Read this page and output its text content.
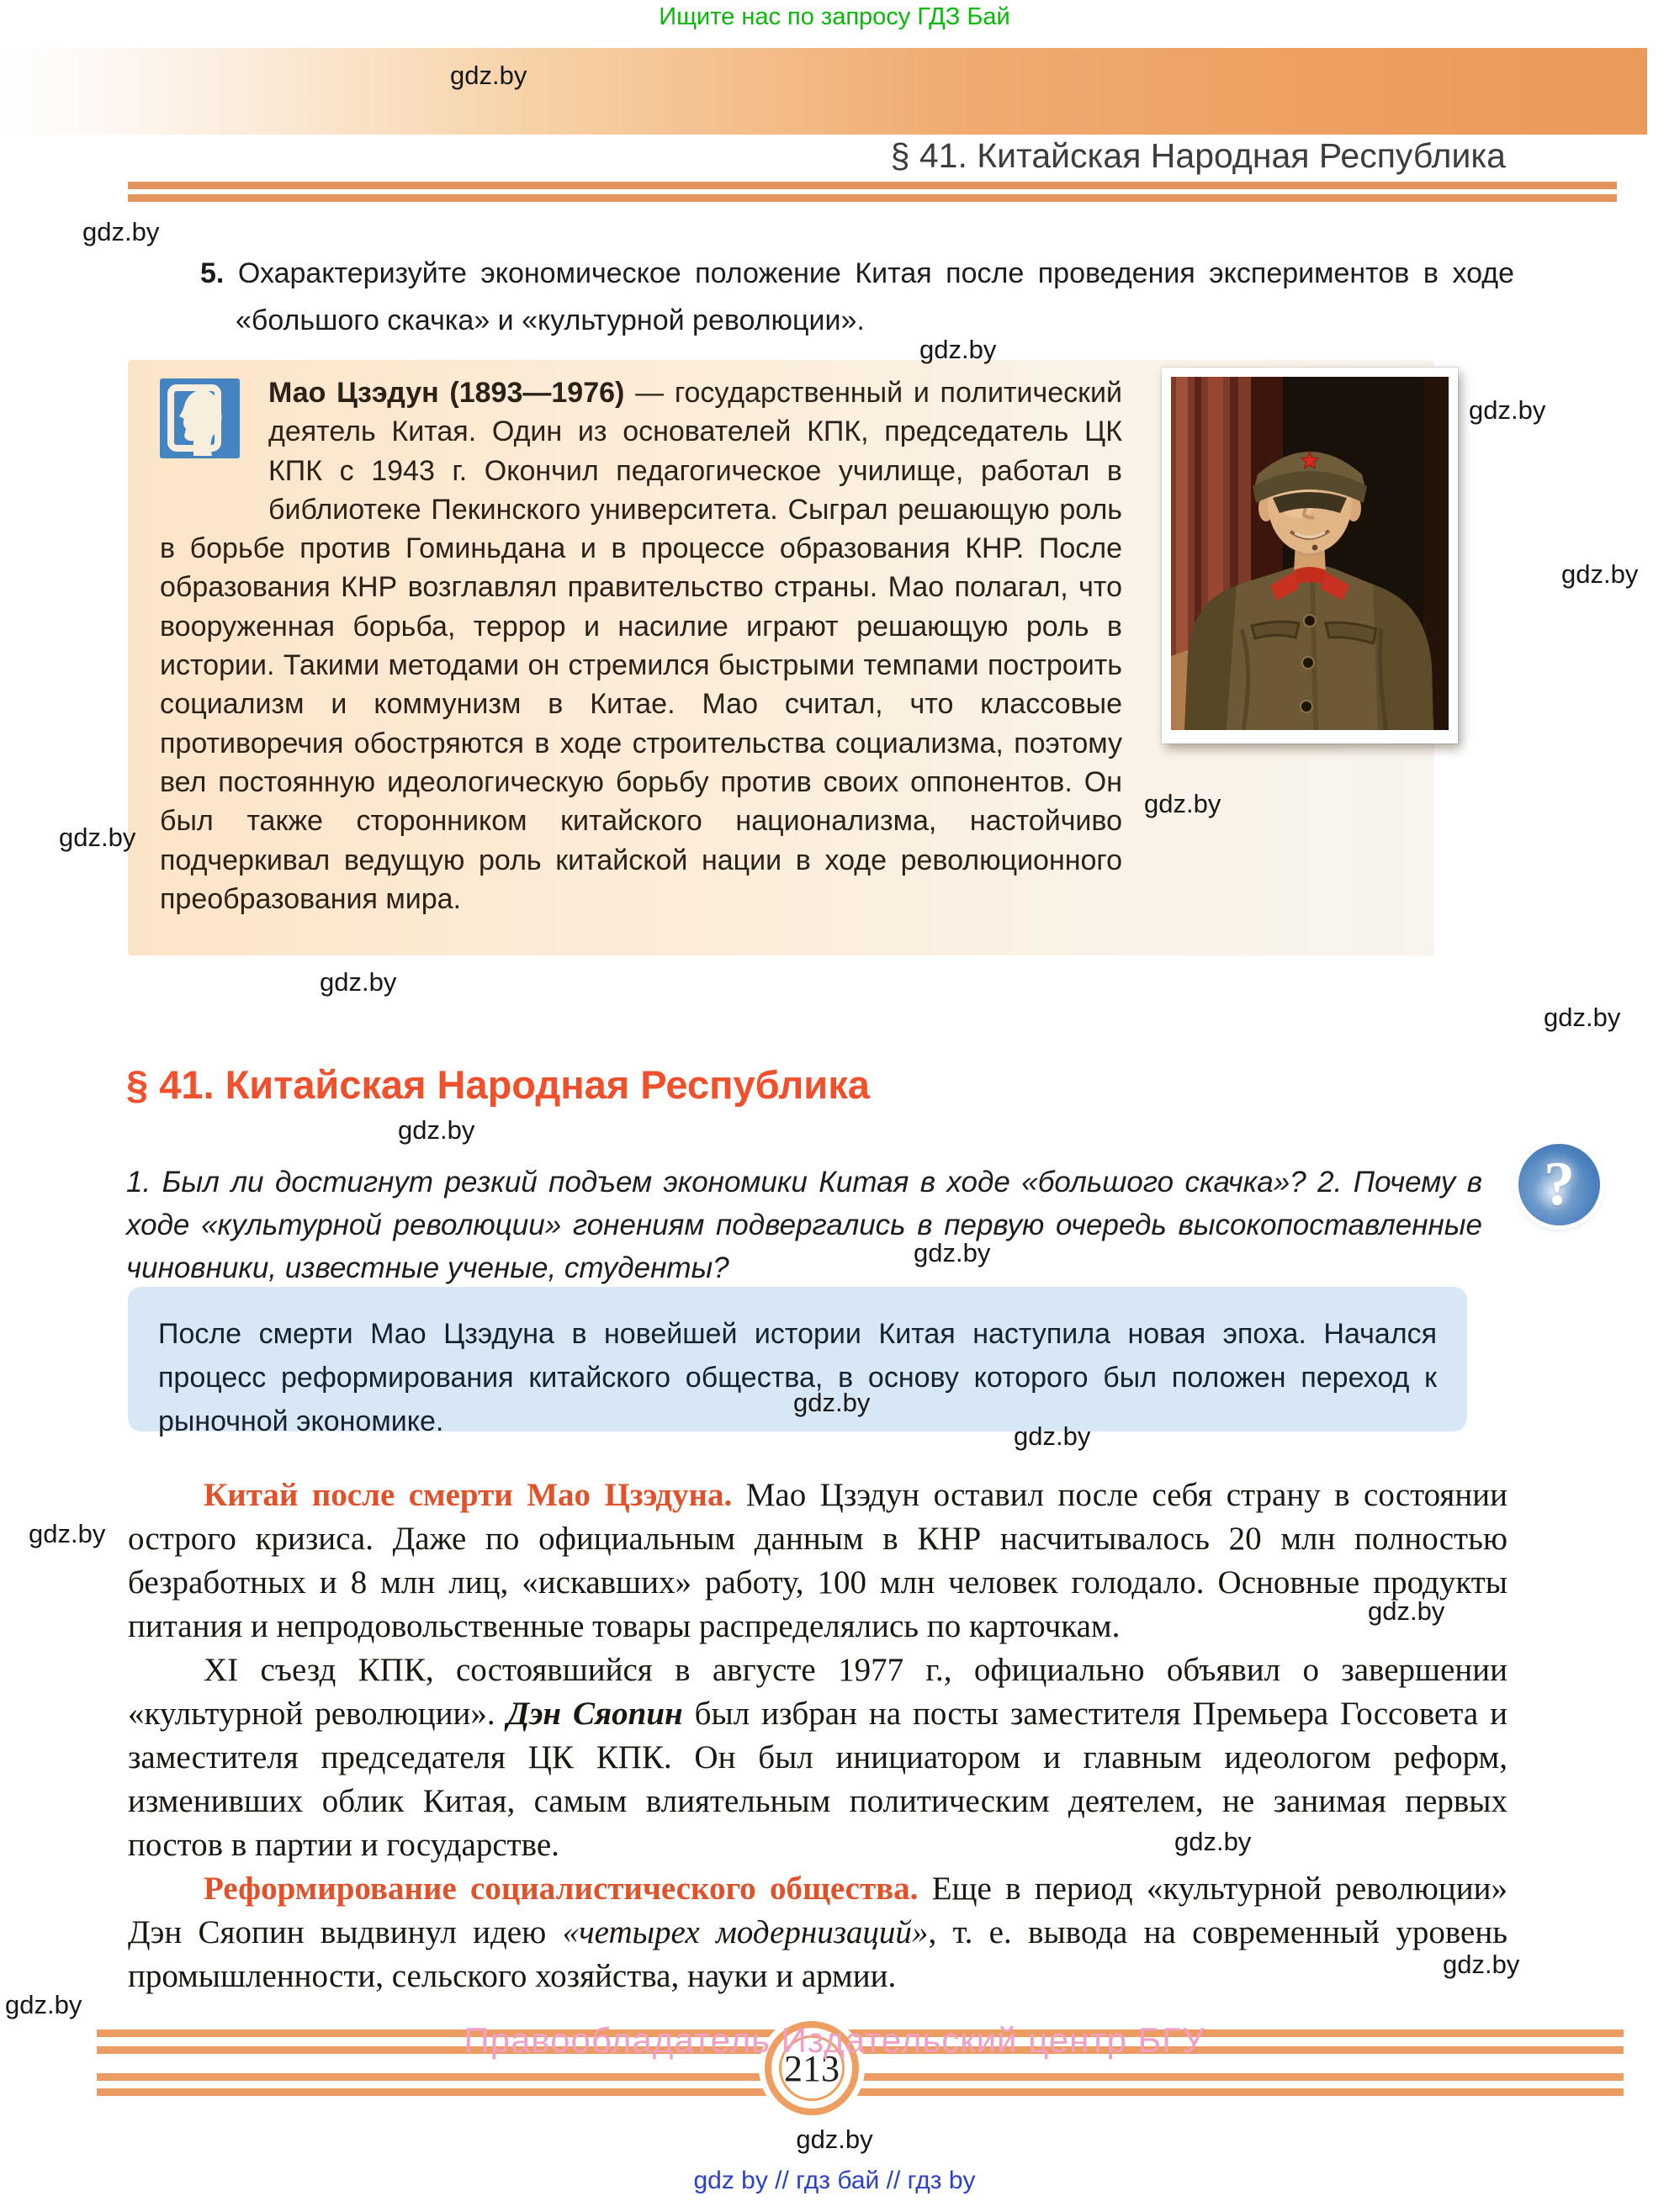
Ищите нас по запросу ГДЗ Бай
gdz.by
§ 41. Китайская Народная Республика
gdz.by
5. Охарактеризуйте экономическое положение Китая после проведения экспериментов в ходе «большого скачка» и «культурной революции».
gdz.by

Мао Цзэдун (1893—1976) — государственный и политический деятель Китая. Один из основателей КПК, председатель ЦК КПК с 1943 г. Окончил педагогическое училище, работал в библиотеке Пекинского университета. Сыграл решающую роль в борьбе против Гоминьдана и в процессе образования КНР. После образования КНР возглавлял правительство страны. Мао полагал, что вооруженная борьба, террор и насилие играют решающую роль в истории. Такими методами он стремился быстрыми темпами построить социализм и коммунизм в Китае. Мао считал, что классовые противоречия обостряются в ходе строительства социализма, поэтому вел постоянную идеологическую борьбу против своих оппонентов. Он был также сторонником китайского национализма, настойчиво подчеркивал ведущую роль китайской нации в ходе революционного преобразования мира.

gdz.by
gdz.by
gdz.by
gdz.by
gdz.by
gdz.by
§ 41. Китайская Народная Республика
gdz.by
1. Был ли достигнут резкий подъем экономики Китая в ходе «большого скачка»? 2. Почему в ходе «культурной революции» гонениям подвергались в первую очередь высокопоставленные чиновники, известные ученые, студенты?
?
gdz.by
После смерти Мао Цзэдуна в новейшей истории Китая наступила новая эпоха. Начался процесс реформирования китайского общества, в основу которого был положен переход к рыночной экономике.
gdz.by
gdz.by

Китай после смерти Мао Цзэдуна. Мао Цзэдун оставил после себя страну в состоянии острого кризиса. Даже по официальным данным в КНР насчитывалось 20 млн полностью безработных и 8 млн лиц, «искавших» работу, 100 млн человек голодало. Основные продукты питания и непродовольственные товары распределялись по карточкам.

XI съезд КПК, состоявшийся в августе 1977 г., официально объявил о завершении «культурной революции». Дэн Сяопин был избран на посты заместителя Премьера Госсовета и заместителя председателя ЦК КПК. Он был инициатором и главным идеологом реформ, изменивших облик Китая, самым влиятельным политическим деятелем, не занимая первых постов в партии и государстве.

Реформирование социалистического общества. Еще в период «культурной революции» Дэн Сяопин выдвинул идею «четырех модернизаций», т. е. вывода на современный уровень промышленности, сельского хозяйства, науки и армии.

gdz.by
gdz.by
gdz.by
gdz.by
gdz.by
213
Правообладатель Издательский центр БГУ
gdz.by
gdz by // гдз бай // гдз by
